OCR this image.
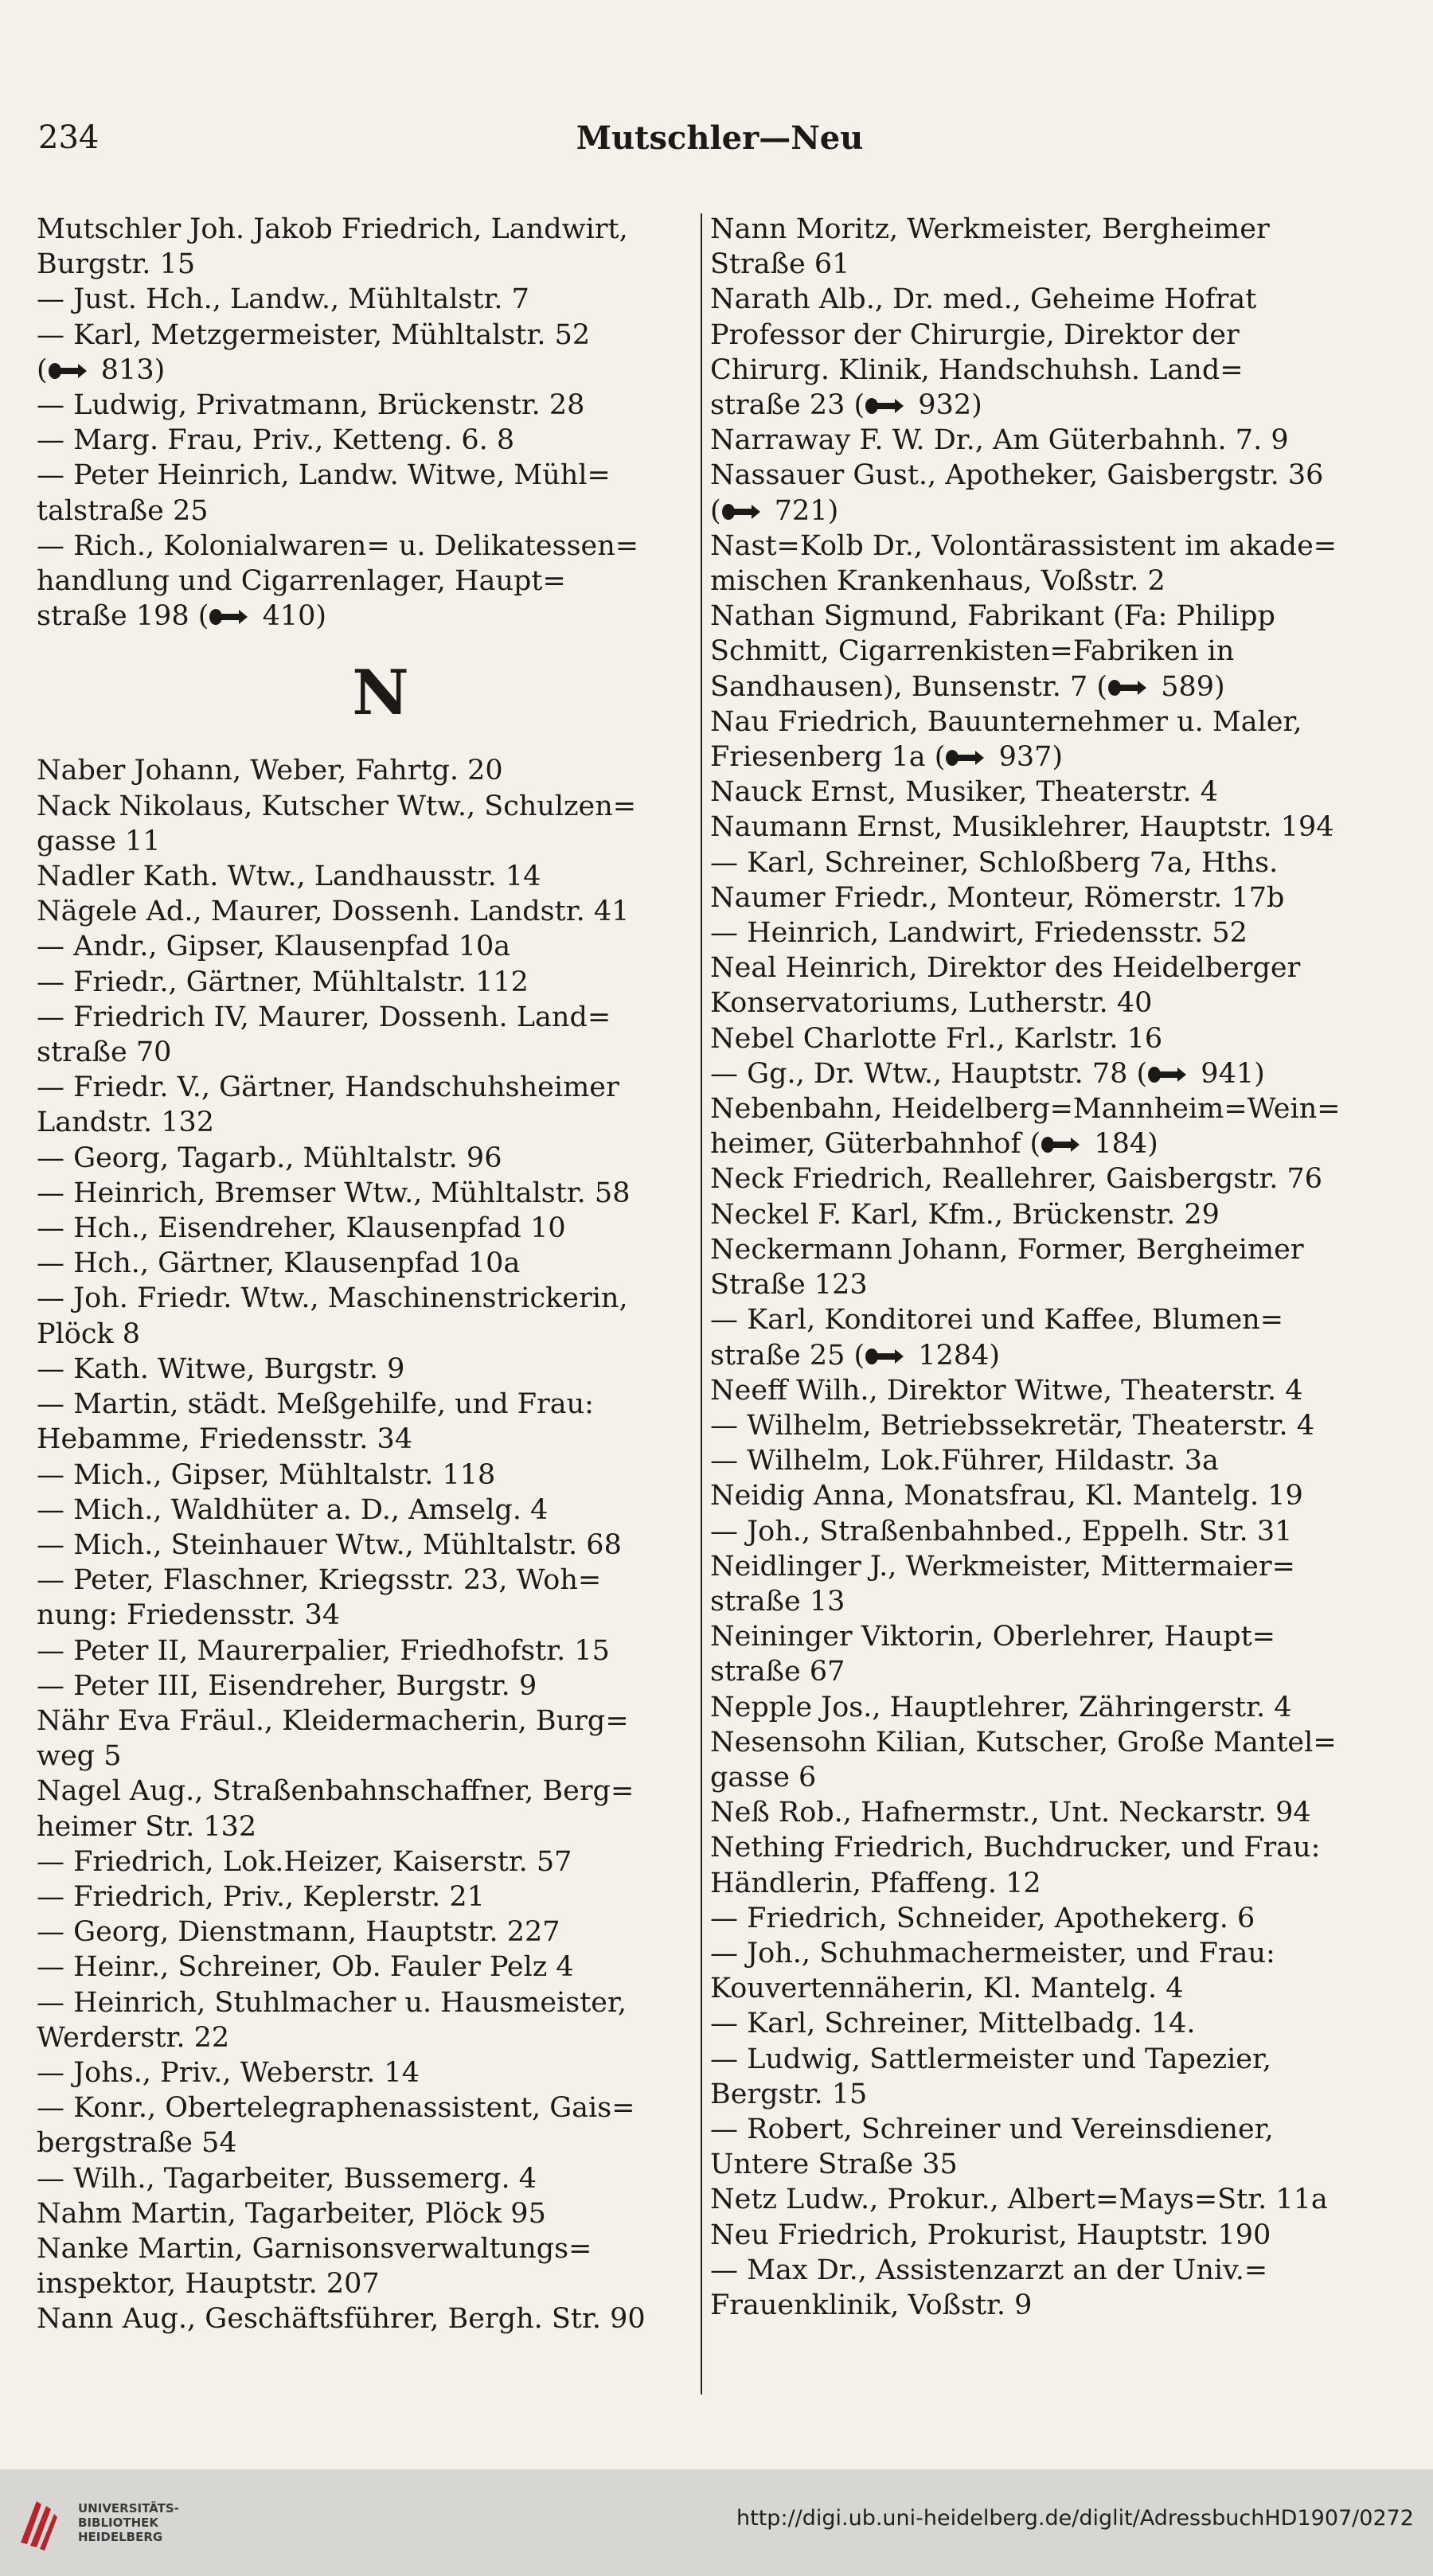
234	Mutschler—Neu
Mutschler Joh. Jakob Friedrich, Landwirt,
Burgstr. 15
— Just. Hch., Landw., Mühltalstr. 7
— Karl, Metzgermeister, Mühltalstr. 52
( 813)
— Ludwig, Privatmann, Brückenstr. 28
— Marg. Frau, Priv., Ketteng. 6. 8
— Peter Heinrich, Landw. Witwe, Mühl=
talstraße 25
— Rich., Kolonialwaren= u. Delikatessen=
handlung und Cigarrenlager, Haupt=
straße 198 ( 410)
N
Naber Johann, Weber, Fahrtg. 20
Nack Nikolaus, Kutscher Wtw., Schulzen=
gasse 11
Nadler Kath. Wtw., Landhausstr. 14
Nägele Ad., Maurer, Dossenh. Landstr. 41
— Andr., Gipser, Klausenpfad 10a
— Friedr., Gärtner, Mühltalstr. 112
— Friedrich IV, Maurer, Dossenh. Land=
straße 70
— Friedr. V., Gärtner, Handschuhsheimer
Landstr. 132
— Georg, Tagarb., Mühltalstr. 96
— Heinrich, Bremser Wtw., Mühltalstr. 58
— Hch., Eisendreher, Klausenpfad 10
— Hch., Gärtner, Klausenpfad 10a
— Joh. Friedr. Wtw., Maschinenstrickerin,
Plöck 8
— Kath. Witwe, Burgstr. 9
— Martin, städt. Meßgehilfe, und Frau:
Hebamme, Friedensstr. 34
— Mich., Gipser, Mühltalstr. 118
— Mich., Waldhüter a. D., Amselg. 4
— Mich., Steinhauer Wtw., Mühltalstr. 68
— Peter, Flaschner, Kriegsstr. 23, Woh=
nung: Friedensstr. 34
— Peter II, Maurerpalier, Friedhofstr. 15
— Peter III, Eisendreher, Burgstr. 9
Nähr Eva Fräul., Kleidermacherin, Burg=
weg 5
Nagel Aug., Straßenbahnschaffner, Berg=
heimer Str. 132
— Friedrich, Lok.Heizer, Kaiserstr. 57
— Friedrich, Priv., Keplerstr. 21
— Georg, Dienstmann, Hauptstr. 227
— Heinr., Schreiner, Ob. Fauler Pelz 4
— Heinrich, Stuhlmacher u. Hausmeister,
Werderstr. 22
— Johs., Priv., Weberstr. 14
— Konr., Obertelegraphenassistent, Gais=
bergstraße 54
— Wilh., Tagarbeiter, Bussemerg. 4
Nahm Martin, Tagarbeiter, Plöck 95
Nanke Martin, Garnisonsverwaltungs=
inspektor, Hauptstr. 207
Nann Aug., Geschäftsführer, Bergh. Str. 90
Nann Moritz, Werkmeister, Bergheimer
Straße 61
Narath Alb., Dr. med., Geheime Hofrat
Professor der Chirurgie, Direktor der
Chirurg. Klinik, Handschuhsh. Land=
straße 23 ( 932)
Narraway F. W. Dr., Am Güterbahnh. 7. 9
Nassauer Gust., Apotheker, Gaisbergstr. 36
( 721)
Nast=Kolb Dr., Volontärassistent im akade=
mischen Krankenhaus, Voßstr. 2
Nathan Sigmund, Fabrikant (Fa: Philipp
Schmitt, Cigarrenkisten=Fabriken in
Sandhausen), Bunsenstr. 7 ( 589)
Nau Friedrich, Bauunternehmer u. Maler,
Friesenberg 1a ( 937)
Nauck Ernst, Musiker, Theaterstr. 4
Naumann Ernst, Musiklehrer, Hauptstr. 194
— Karl, Schreiner, Schloßberg 7a, Hths.
Naumer Friedr., Monteur, Römerstr. 17b
— Heinrich, Landwirt, Friedensstr. 52
Neal Heinrich, Direktor des Heidelberger
Konservatoriums, Lutherstr. 40
Nebel Charlotte Frl., Karlstr. 16
— Gg., Dr. Wtw., Hauptstr. 78 ( 941)
Nebenbahn, Heidelberg=Mannheim=Wein=
heimer, Güterbahnhof ( 184)
Neck Friedrich, Reallehrer, Gaisbergstr. 76
Neckel F. Karl, Kfm., Brückenstr. 29
Neckermann Johann, Former, Bergheimer
Straße 123
— Karl, Konditorei und Kaffee, Blumen=
straße 25 ( 1284)
Neeff Wilh., Direktor Witwe, Theaterstr. 4
— Wilhelm, Betriebssekretär, Theaterstr. 4
— Wilhelm, Lok.Führer, Hildastr. 3a
Neidig Anna, Monatsfrau, Kl. Mantelg. 19
— Joh., Straßenbahnbed., Eppelh. Str. 31
Neidlinger J., Werkmeister, Mittermaier=
straße 13
Neininger Viktorin, Oberlehrer, Haupt=
straße 67
Nepple Jos., Hauptlehrer, Zähringerstr. 4
Nesensohn Kilian, Kutscher, Große Mantel=
gasse 6
Neß Rob., Hafnermstr., Unt. Neckarstr. 94
Nething Friedrich, Buchdrucker, und Frau:
Händlerin, Pfaffeng. 12
— Friedrich, Schneider, Apothekerg. 6
— Joh., Schuhmachermeister, und Frau:
Kouvertennäherin, Kl. Mantelg. 4
— Karl, Schreiner, Mittelbadg. 14.
— Ludwig, Sattlermeister und Tapezier,
Bergstr. 15
— Robert, Schreiner und Vereinsdiener,
Untere Straße 35
Netz Ludw., Prokur., Albert=Mays=Str. 11a
Neu Friedrich, Prokurist, Hauptstr. 190
— Max Dr., Assistenzarzt an der Univ.=
Frauenklinik, Voßstr. 9
UNIVERSITÄTS-
BIBLIOTHEK
HEIDELBERG
http://digi.ub.uni-heidelberg.de/diglit/AdressbuchHD1907/0272
